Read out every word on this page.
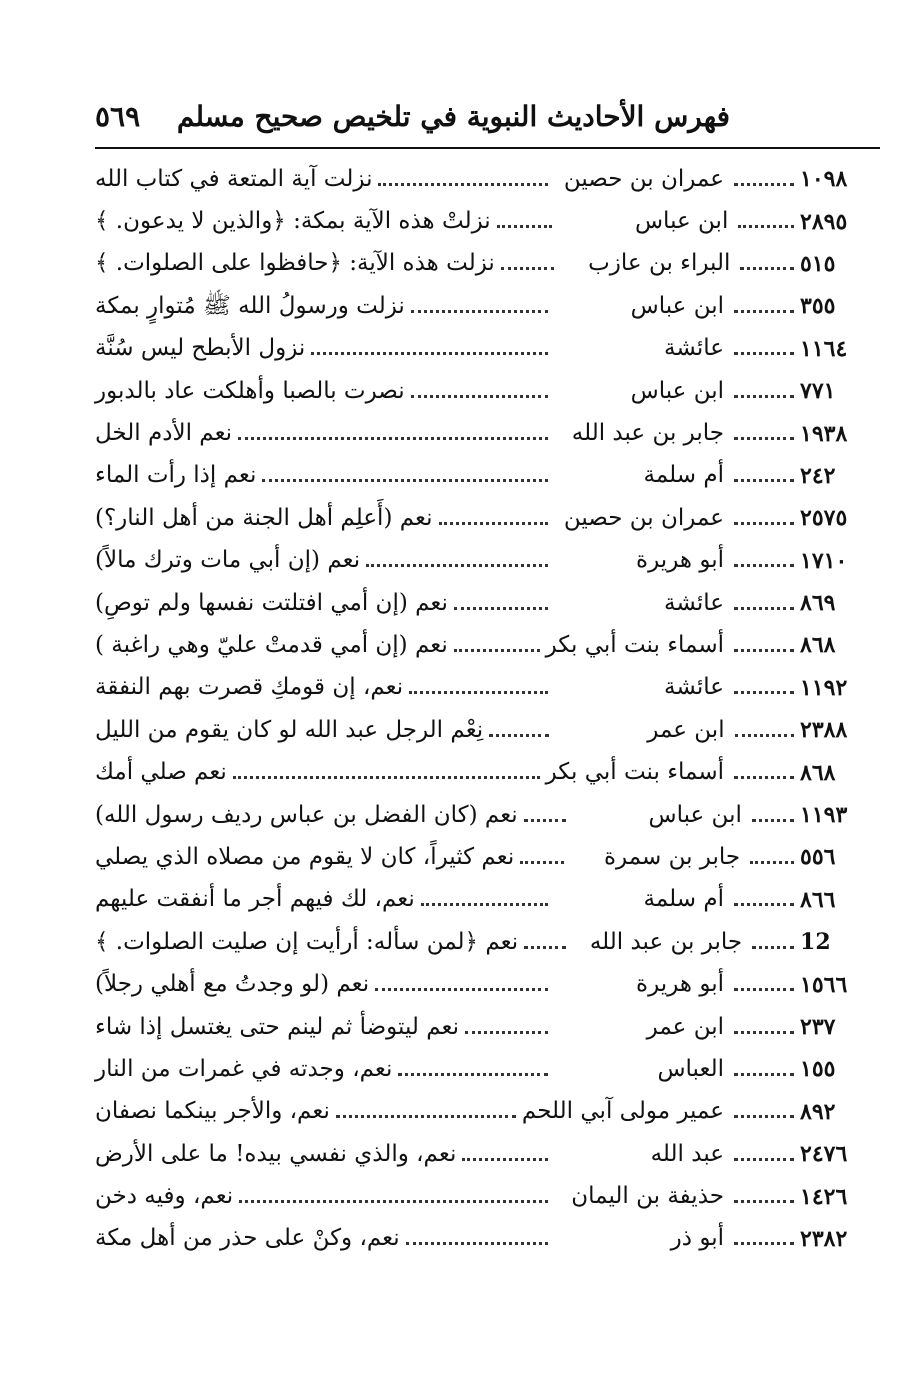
فهرس الأحاديث النبوية في تلخيص صحيح مسلم
٥٦٩
نزلت آية المتعة في كتاب الله	عمران بن حصين	١٠٩٨
نزلتْ هذه الآية بمكة: ﴿والذين لا يدعون. ﴾	ابن عباس	٢٨٩٥
نزلت هذه الآية: ﴿حافظوا على الصلوات. ﴾	البراء بن عازب	٥١٥
نزلت ورسولُ الله ﷺ مُتوارٍ بمكة	ابن عباس	٣٥٥
نزول الأبطح ليس سُنَّة	عائشة	١١٦٤
نصرت بالصبا وأهلكت عاد بالدبور	ابن عباس	٧٧١
نعم الأدم الخل	جابر بن عبد الله	١٩٣٨
نعم إذا رأت الماء	أم سلمة	٢٤٢
نعم (أَعلِم أهل الجنة من أهل النار؟)	عمران بن حصين	٢٥٧٥
نعم (إن أبي مات وترك مالاً)	أبو هريرة	١٧١٠
نعم (إن أمي افتلتت نفسها ولم توصِ)	عائشة	٨٦٩
نعم (إن أمي قدمتْ عليّ وهي راغبة )	أسماء بنت أبي بكر	٨٦٨
نعم، إن قومكِ قصرت بهم النفقة	عائشة	١١٩٢
نِعْم الرجل عبد الله لو كان يقوم من الليل	ابن عمر	٢٣٨٨
نعم صلي أمك	أسماء بنت أبي بكر	٨٦٨
نعم (كان الفضل بن عباس رديف رسول الله)	ابن عباس	١١٩٣
نعم كثيراً، كان لا يقوم من مصلاه الذي يصلي	جابر بن سمرة	٥٥٦
نعم، لك فيهم أجر ما أنفقت عليهم	أم سلمة	٨٦٦
نعم ﴿لمن سأله: أرأيت إن صليت الصلوات. ﴾	جابر بن عبد الله	12
نعم (لو وجدتُ مع أهلي رجلاً)	أبو هريرة	١٥٦٦
نعم ليتوضأ ثم لينم حتى يغتسل إذا شاء	ابن عمر	٢٣٧
نعم، وجدته في غمرات من النار	العباس	١٥٥
نعم، والأجر بينكما نصفان	عمير مولى آبي اللحم	٨٩٢
نعم، والذي نفسي بيده! ما على الأرض	عبد الله	٢٤٧٦
نعم، وفيه دخن	حذيفة بن اليمان	١٤٢٦
نعم، وكنْ على حذر من أهل مكة	أبو ذر	٢٣٨٢
